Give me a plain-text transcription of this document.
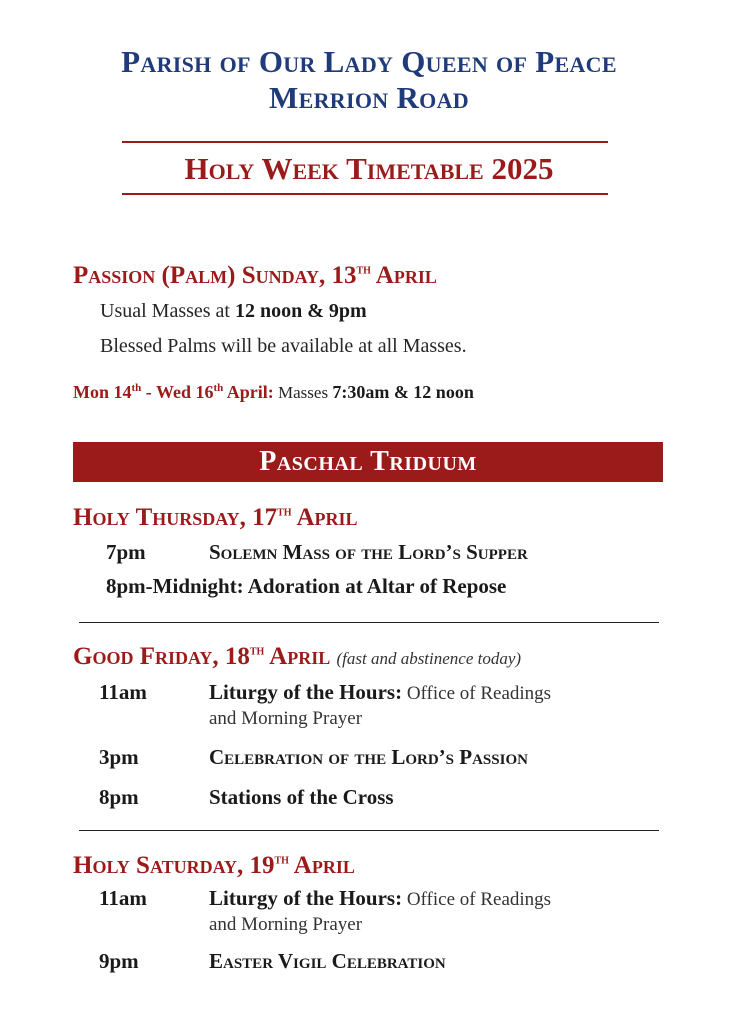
Parish of Our Lady Queen of Peace
Merrion Road
Holy Week Timetable 2025
Passion (Palm) Sunday, 13th April
Usual Masses at 12 noon & 9pm
Blessed Palms will be available at all Masses.
Mon 14th - Wed 16th April: Masses 7:30am & 12 noon
Paschal Triduum
Holy Thursday, 17th April
7pm	Solemn Mass of the Lord’s Supper
8pm-Midnight: Adoration at Altar of Repose
Good Friday, 18th April (fast and abstinence today)
11am	Liturgy of the Hours: Office of Readings
and Morning Prayer
3pm	Celebration of the Lord’s Passion
8pm	Stations of the Cross
Holy Saturday, 19th April
11am	Liturgy of the Hours: Office of Readings
and Morning Prayer
9pm	Easter Vigil Celebration
